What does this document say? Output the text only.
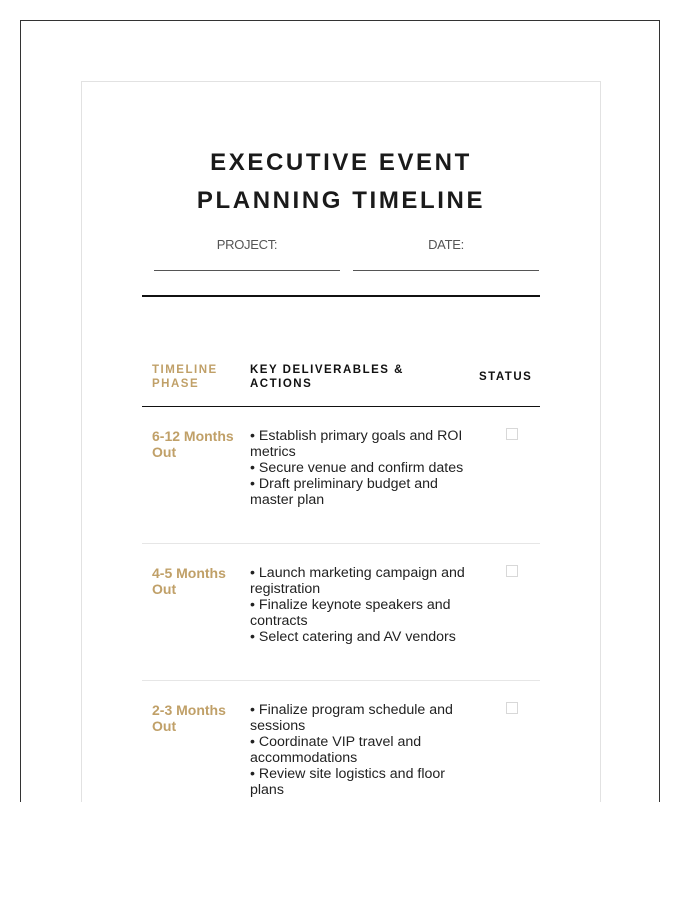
EXECUTIVE EVENT
PLANNING TIMELINE
PROJECT:	DATE:
TIMELINE PHASE
KEY DELIVERABLES & ACTIONS
STATUS
6-12 Months Out
• Establish primary goals and ROI metrics
• Secure venue and confirm dates
• Draft preliminary budget and master plan
4-5 Months Out
• Launch marketing campaign and registration
• Finalize keynote speakers and contracts
• Select catering and AV vendors
2-3 Months Out
• Finalize program schedule and sessions
• Coordinate VIP travel and accommodations
• Review site logistics and floor plans
